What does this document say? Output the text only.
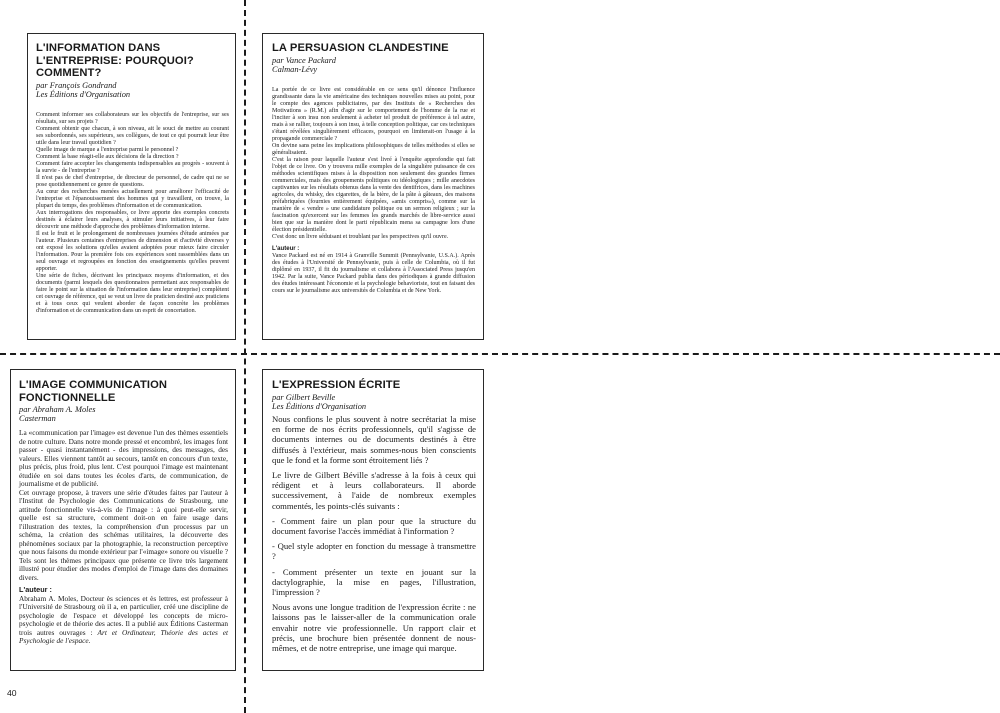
L'INFORMATION DANS L'ENTREPRISE: POURQUOI? COMMENT?
par François Gondrand
Les Éditions d'Organisation

Comment informer ses collaborateurs sur les objectifs de l'entreprise, sur ses résultats, sur ses projets ?

Comment obtenir que chacun, à son niveau, ait le souci de mettre au courant ses subordonnés, ses supérieurs, ses collègues, de tout ce qui pourrait leur être utile dans leur travail quotidien ?

Quelle image de marque a l'entreprise parmi le personnel ?

Comment la base réagit-elle aux décisions de la direction ?

Comment faire accepter les changements indispensables au progrès - souvent à la survie - de l'entreprise ?

Il n'est pas de chef d'entreprise, de directeur de personnel, de cadre qui ne se pose quotidiennement ce genre de questions.

Au cœur des recherches menées actuellement pour améliorer l'efficacité de l'entreprise et l'épanouissement des hommes qui y travaillent, on trouve, la plupart du temps, des problèmes d'information et de communication.

Aux interrogations des responsables, ce livre apporte des exemples concrets destinés à éclairer leurs analyses, à stimuler leurs initiatives, à leur faire découvrir une méthode d'approche des problèmes d'information interne.

Il est le fruit et le prolongement de nombreuses journées d'étude animées par l'auteur. Plusieurs centaines d'entreprises de dimension et d'activité diverses y ont exposé les solutions qu'elles avaient adoptées pour mieux faire circuler l'information. Pour la première fois ces expériences sont rassemblées dans un seul ouvrage et regroupées en fonction des enseignements qu'elles peuvent apporter.

Une série de fiches, décrivant les principaux moyens d'information, et des documents (parmi lesquels des questionnaires permettant aux responsables de faire le point sur la situation de l'information dans leur entreprise) complètent cet ouvrage de référence, qui se veut un livre de praticien destiné aux praticiens et à tous ceux qui veulent aborder de façon concrète les problèmes d'information et de communication dans un esprit de concertation.

LA PERSUASION CLANDESTINE
par Vance Packard
Calman-Lévy

La portée de ce livre est considérable en ce sens qu'il dénonce l'influence grandissante dans la vie américaine des techniques nouvelles mises au point, pour le compte des agences publicitaires, par des Instituts de « Recherches des Motivations » (R.M.) afin d'agir sur le comportement de l'homme de la rue et l'inciter à son insu non seulement à acheter tel produit de préférence à tel autre, mais à se rallier, toujours à son insu, à telle conception politique, car ces techniques s'étant révélées singulièrement efficaces, pourquoi en limiterait-on l'usage à la propagande commerciale ?

On devine sans peine les implications philosophiques de telles méthodes si elles se généralisaient.

C'est la raison pour laquelle l'auteur s'est livré à l'enquête approfondie qui fait l'objet de ce livre. On y trouvera mille exemples de la singulière puissance de ces méthodes scientifiques mises à la disposition non seulement des grandes firmes commerciales, mais des groupements politiques ou idéologiques ; mille anecdotes captivantes sur les résultats obtenus dans la vente des dentifrices, dans les machines agricoles, du whisky, des cigarettes, de la bière, de la pâte à gâteaux, des maisons préfabriquées (fournies entièrement équipées, «amis compris»), comme sur la manière de « vendre » une candidature politique ou un sermon religieux ; sur la fascination qu'exercent sur les femmes les grands marchés de libre-service aussi bien que sur la manière dont le parti républicain mena sa campagne lors d'une élection présidentielle.

C'est donc un livre séduisant et troublant par les perspectives qu'il ouvre.

L'auteur :

Vance Packard est né en 1914 à Granville Summit (Pennsylvanie, U.S.A.). Après des études à l'Université de Pennsylvanie, puis à celle de Columbia, où il fut diplômé en 1937, il fit du journalisme et collabora à l'Associated Press jusqu'en 1942. Par la suite, Vance Packard publia dans des périodiques à grande diffusion des études intéressant l'économie et la psychologie behavioriste, tout en faisant des cours sur le journalisme aux universités de Columbia et de New York.

L'IMAGE COMMUNICATION FONCTIONNELLE
par Abraham A. Moles
Casterman

La «communication par l'image» est devenue l'un des thèmes essentiels de notre culture. Dans notre monde pressé et encombré, les images font passer - quasi instantanément - des impressions, des messages, des valeurs. Elles viennent tantôt au secours, tantôt en concours d'un texte, plus précis, plus froid, plus lent. C'est pourquoi l'image est maintenant étudiée en soi dans toutes les écoles d'arts, de communication, de journalisme et de publicité.

Cet ouvrage propose, à travers une série d'études faites par l'auteur à l'Institut de Psychologie des Communications de Strasbourg, une attitude fonctionnelle vis-à-vis de l'image : à quoi peut-elle servir, quelle est sa structure, comment doit-on en faire usage dans l'illustration des textes, la compréhension d'un processus par un schéma, la création des schémas utilitaires, la découverte des phénomènes sociaux par la photographie, la reconstruction perceptive que nous faisons du monde extérieur par l'«image» sonore ou visuelle ? Tels sont les thèmes principaux que présente ce livre très largement illustré pour étudier des modes d'emploi de l'image dans des domaines divers.

L'auteur :

Abraham A. Moles, Docteur ès sciences et ès lettres, est professeur à l'Université de Strasbourg où il a, en particulier, créé une discipline de psychologie de l'espace et développé les concepts de micro-psychologie et de théorie des actes. Il a publié aux Éditions Casterman trois autres ouvrages : Art et Ordinateur, Théorie des actes et Psychologie de l'espace.

L'EXPRESSION ÉCRITE
par Gilbert Beville
Les Éditions d'Organisation

Nous confions le plus souvent à notre secrétariat la mise en forme de nos écrits professionnels, qu'il s'agisse de documents internes ou de documents destinés à être diffusés à l'extérieur, mais sommes-nous bien conscients que le fond et la forme sont étroitement liés ?

Le livre de Gilbert Béville s'adresse à la fois à ceux qui rédigent et à leurs collaborateurs. Il aborde successivement, à l'aide de nombreux exemples commentés, les points-clés suivants :

- Comment faire un plan pour que la structure du document favorise l'accès immédiat à l'information ?

- Quel style adopter en fonction du message à transmettre ?

- Comment présenter un texte en jouant sur la dactylographie, la mise en pages, l'illustration, l'impression ?

Nous avons une longue tradition de l'expression écrite : ne laissons pas le laisser-aller de la communication orale envahir notre vie professionnelle. Un rapport clair et précis, une brochure bien présentée donnent de nous-mêmes, et de notre entreprise, une image qui marque.

40
